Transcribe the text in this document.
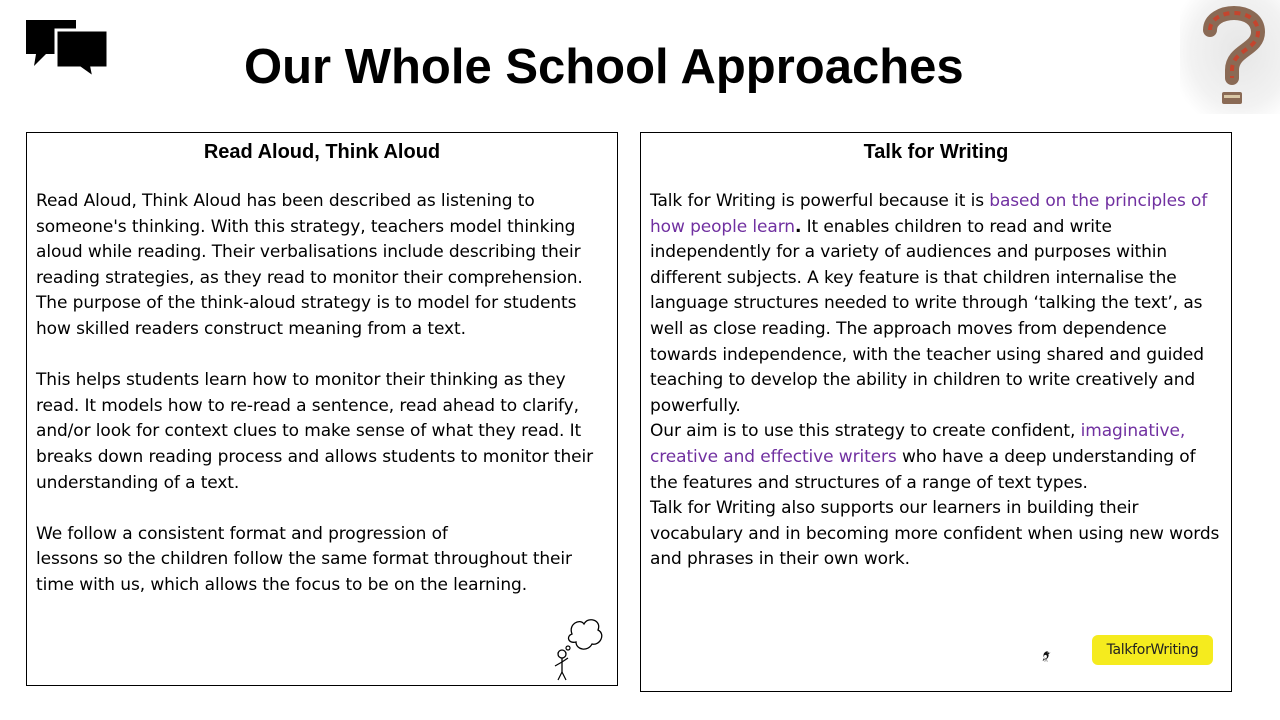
Our Whole School Approaches
Read Aloud, Think Aloud

Read Aloud, Think Aloud has been described as listening to someone's thinking. With this strategy, teachers model thinking aloud while reading. Their verbalisations include describing their reading strategies, as they read to monitor their comprehension. The purpose of the think-aloud strategy is to model for students how skilled readers construct meaning from a text.

This helps students learn how to monitor their thinking as they read. It models how to re-read a sentence, read ahead to clarify, and/or look for context clues to make sense of what they read. It breaks down reading process and allows students to monitor their understanding of a text.

We follow a consistent format and progression of

lessons so the children follow the same format throughout their time with us, which allows the focus to be on the learning.

Talk for Writing

Talk for Writing is powerful because it is based on the principles of how people learn. It enables children to read and write independently for a variety of audiences and purposes within different subjects. A key feature is that children internalise the language structures needed to write through ‘talking the text’, as well as close reading. The approach moves from dependence towards independence, with the teacher using shared and guided teaching to develop the ability in children to write creatively and powerfully.

Our aim is to use this strategy to create confident, imaginative, creative and effective writers who have a deep understanding of the features and structures of a range of text types.

Talk for Writing also supports our learners in building their vocabulary and in becoming more confident when using new words and phrases in their own work.

TalkforWriting
